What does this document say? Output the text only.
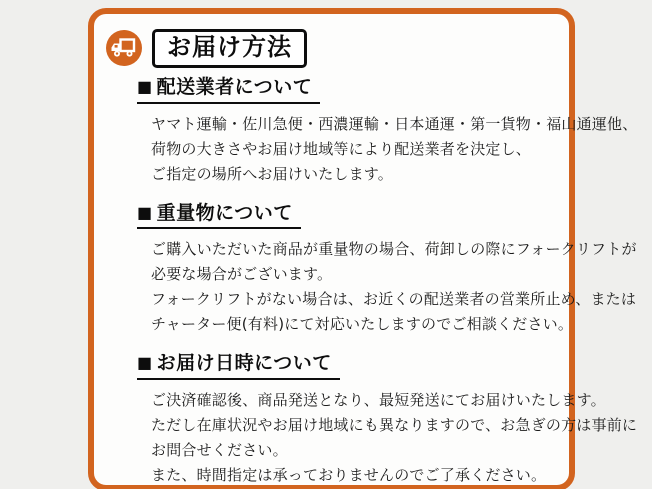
お届け方法
■ 配送業者について

ヤマト運輸・佐川急便・西濃運輸・日本通運・第一貨物・福山通運他、

荷物の大きさやお届け地域等により配送業者を決定し、

ご指定の場所へお届けいたします。

■ 重量物について

ご購入いただいた商品が重量物の場合、荷卸しの際にフォークリフトが

必要な場合がございます。

フォークリフトがない場合は、お近くの配送業者の営業所止め、または

チャーター便(有料)にて対応いたしますのでご相談ください。

■ お届け日時について

ご決済確認後、商品発送となり、最短発送にてお届けいたします。

ただし在庫状況やお届け地域にも異なりますので、お急ぎの方は事前に

お問合せください。

また、時間指定は承っておりませんのでご了承ください。
